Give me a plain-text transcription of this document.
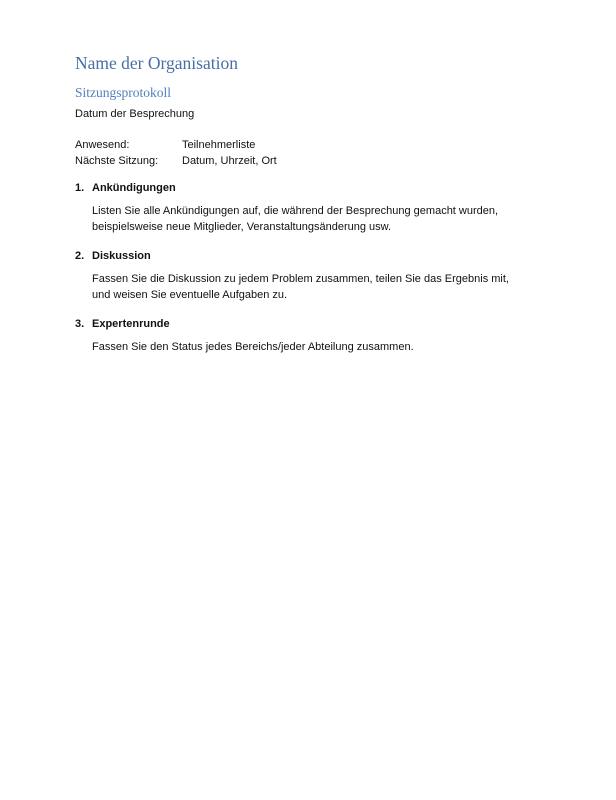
Name der Organisation
Sitzungsprotokoll
Datum der Besprechung
Anwesend:	Teilnehmerliste
Nächste Sitzung:	Datum, Uhrzeit, Ort
1. Ankündigungen
Listen Sie alle Ankündigungen auf, die während der Besprechung gemacht wurden, beispielsweise neue Mitglieder, Veranstaltungsänderung usw.
2. Diskussion
Fassen Sie die Diskussion zu jedem Problem zusammen, teilen Sie das Ergebnis mit, und weisen Sie eventuelle Aufgaben zu.
3. Expertenrunde
Fassen Sie den Status jedes Bereichs/jeder Abteilung zusammen.
